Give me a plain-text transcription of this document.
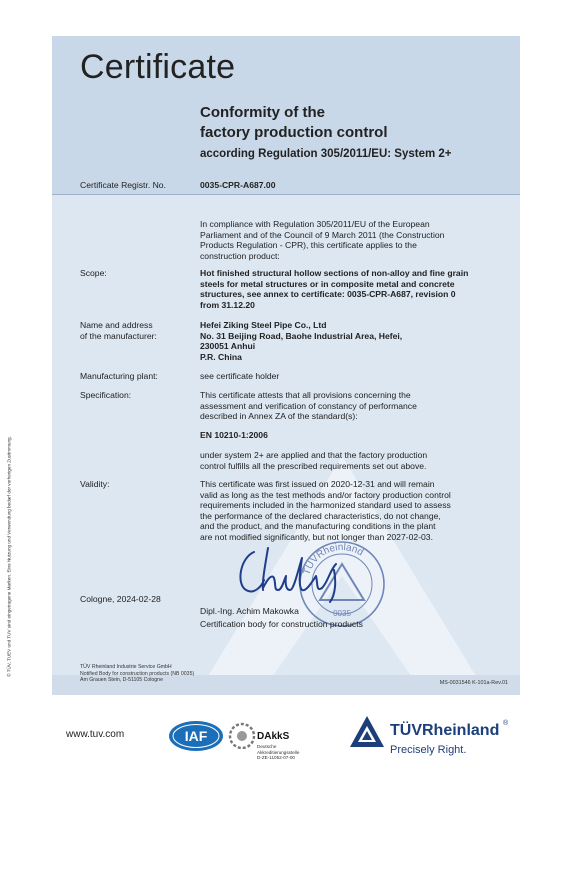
© TÜV, TUEV und TUV sind eingetragene Marken. Eine Nutzung und Verwendung bedarf der vorherigen Zustimmung.
Certificate
Conformity of the
factory production control
according Regulation 305/2011/EU: System 2+
Certificate Registr. No.	0035-CPR-A687.00
In compliance with Regulation 305/2011/EU of the European
Parliament and of the Council of 9 March 2011 (the Construction
Products Regulation - CPR), this certificate applies to the
construction product:
Scope:	Hot finished structural hollow sections of non-alloy and fine grain
steels for metal structures or in composite metal and concrete
structures, see annex to certificate: 0035-CPR-A687, revision 0
from 31.12.20
Name and address
of the manufacturer:
Hefei Ziking Steel Pipe Co., Ltd
No. 31 Beijing Road, Baohe Industrial Area, Hefei,
230051 Anhui
P.R. China
Manufacturing plant:	see certificate holder
Specification:	This certificate attests that all provisions concerning the
assessment and verification of constancy of performance
described in Annex ZA of the standard(s):
EN 10210-1:2006
under system 2+ are applied and that the factory production
control fulfills all the prescribed requirements set out above.
Validity:	This certificate was first issued on 2020-12-31 and will remain
valid as long as the test methods and/or factory production control
requirements included in the harmonized standard used to assess
the performance of the declared characteristics, do not change,
and the product, and the manufacturing conditions in the plant
are not modified significantly, but not longer than 2027-02-03.
Cologne, 2024-02-28
TÜVRheinland
0035
Dipl.-Ing. Achim Makowka
Certification body for construction products
TÜV Rheinland Industrie Service GmbH
Notified Body for construction products (NB 0035)
Am Grauen Stein, D-51105 Cologne	MS-0031546 K-101a-Rev.01
www.tuv.com	IAF	DAkkS
Deutsche
Akkreditierungsstelle
D-ZE-11052-07-00
TÜVRheinland ®
Precisely Right.
